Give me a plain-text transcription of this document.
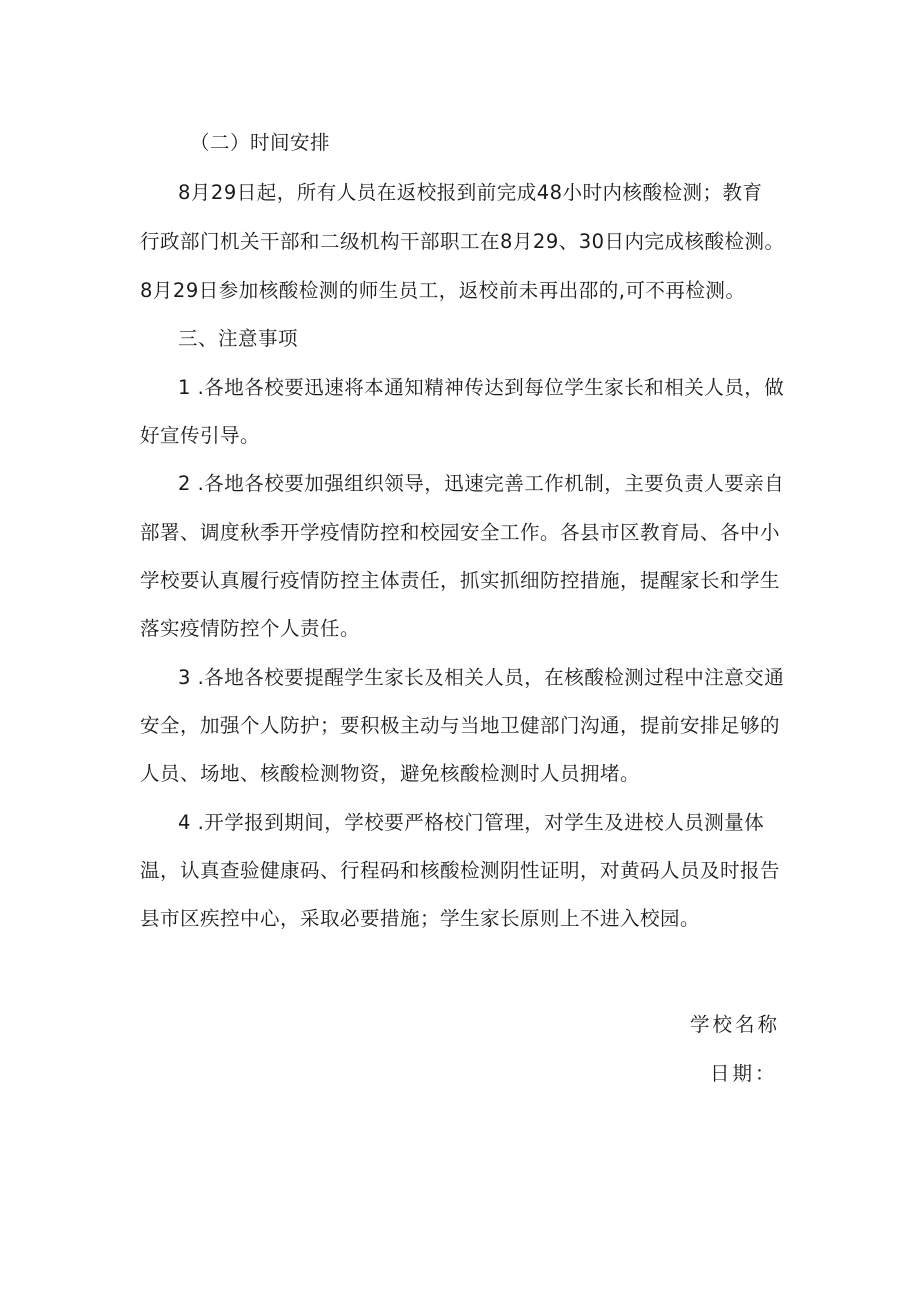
（二）时间安排
8月29日起，所有人员在返校报到前完成48小时内核酸检测；教育
行政部门机关干部和二级机构干部职工在8月29、30日内完成核酸检测。
8月29日参加核酸检测的师生员工，返校前未再出邵的,可不再检测。
三、注意事项
1 .各地各校要迅速将本通知精神传达到每位学生家长和相关人员，做
好宣传引导。
2 .各地各校要加强组织领导，迅速完善工作机制，主要负责人要亲自
部署、调度秋季开学疫情防控和校园安全工作。各县市区教育局、各中小
学校要认真履行疫情防控主体责任，抓实抓细防控措施，提醒家长和学生
落实疫情防控个人责任。
3 .各地各校要提醒学生家长及相关人员，在核酸检测过程中注意交通
安全，加强个人防护；要积极主动与当地卫健部门沟通，提前安排足够的
人员、场地、核酸检测物资，避免核酸检测时人员拥堵。
4 .开学报到期间，学校要严格校门管理，对学生及进校人员测量体
温，认真查验健康码、行程码和核酸检测阴性证明，对黄码人员及时报告
县市区疾控中心，采取必要措施；学生家长原则上不进入校园。
学校名称
日期：
